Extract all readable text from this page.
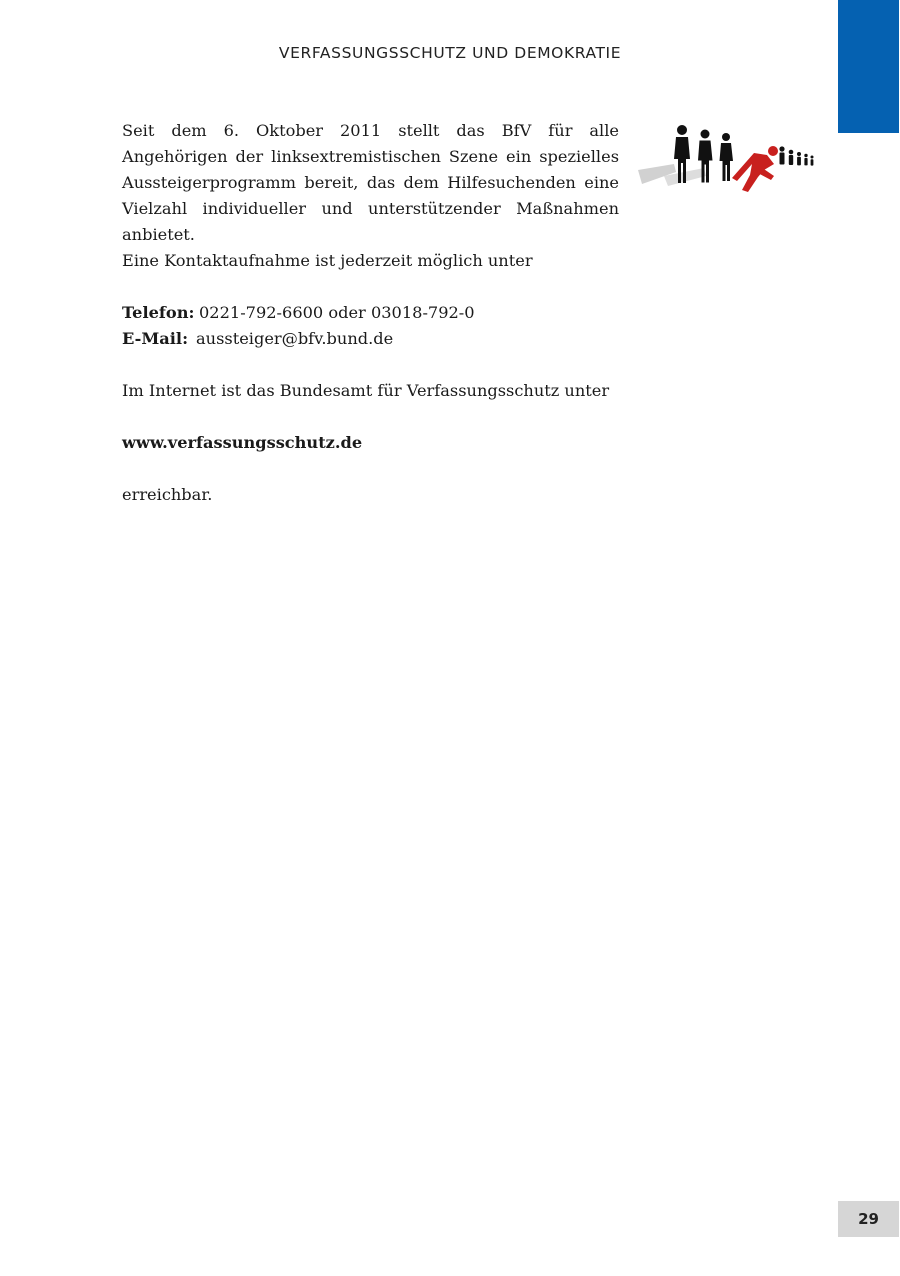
VERFASSUNGSSCHUTZ UND DEMOKRATIE

Seit dem 6. Oktober 2011 stellt das BfV für alle Angehörigen der linksextremistischen Szene ein spezielles Aussteigerprogramm bereit, das dem Hilfesuchenden eine Vielzahl individueller und unterstützender Maßnahmen anbietet.

Eine Kontaktaufnahme ist jederzeit möglich unter

Telefon: 0221-792-6600 oder 03018-792-0
E-Mail: aussteiger@bfv.bund.de

Im Internet ist das Bundesamt für Verfassungsschutz unter

www.verfassungsschutz.de

erreichbar.

29
